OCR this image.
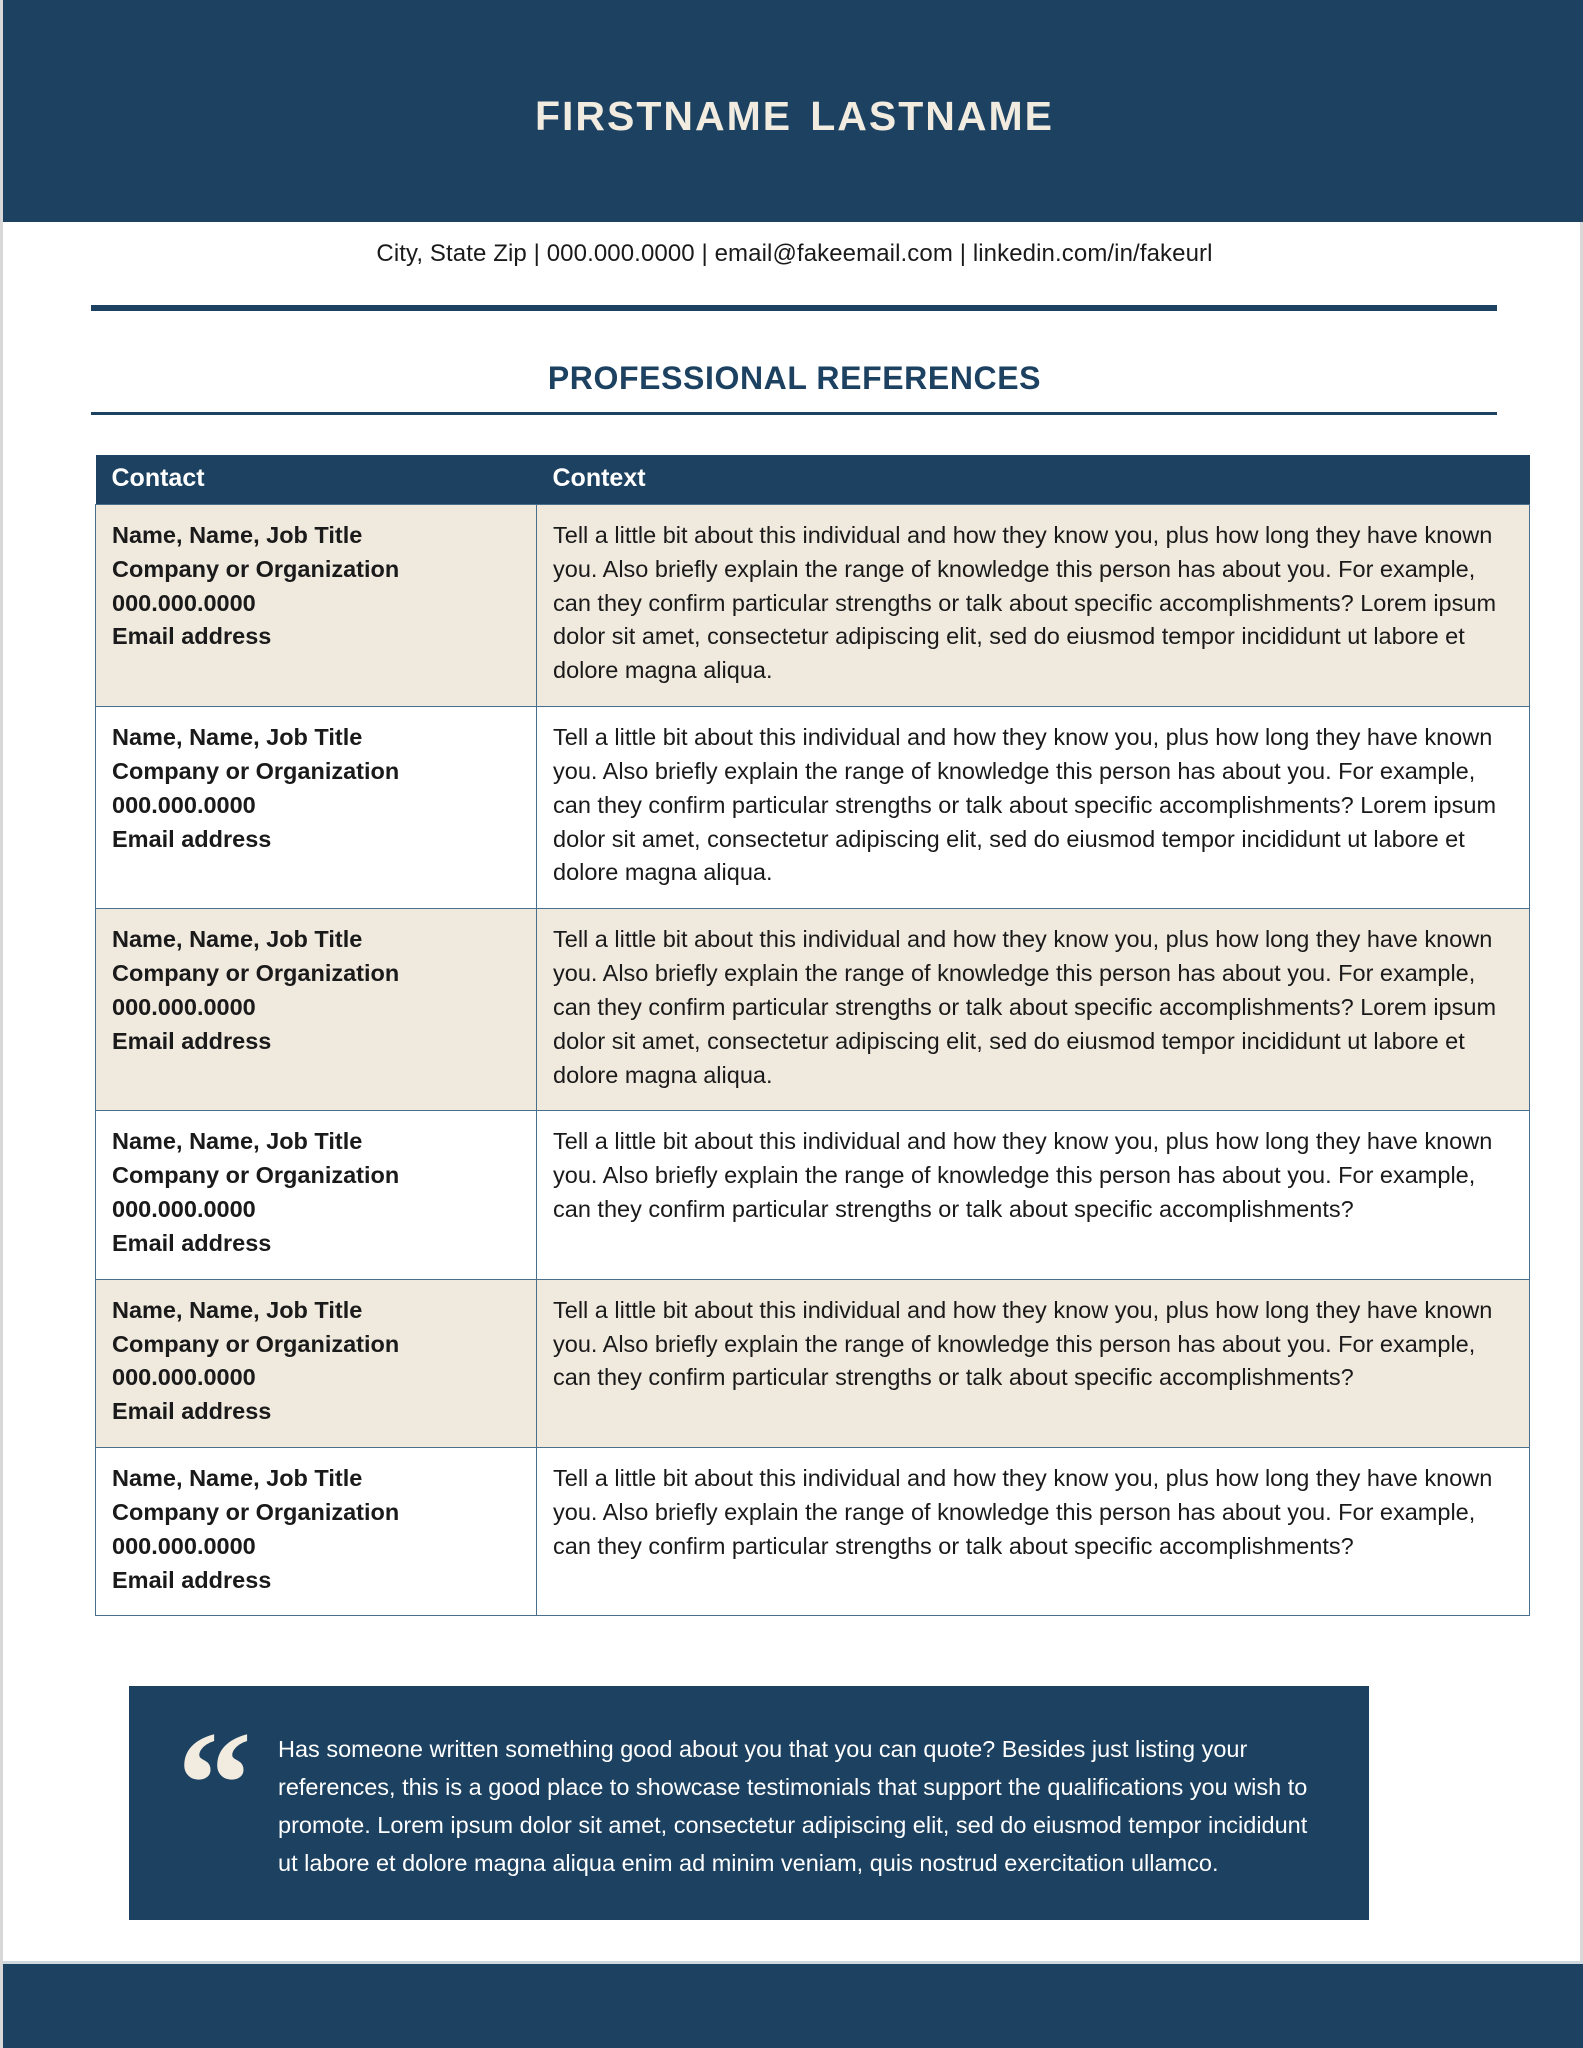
firstname lastname
City, State Zip | 000.000.0000 | email@fakeemail.com | linkedin.com/in/fakeurl
PROFESSIONAL REFERENCES
Contact	Context

Name, Name, Job Title
Company or Organization
000.000.0000
Email address
	Tell a little bit about this individual and how they know you, plus how long they have known you. Also briefly explain the range of knowledge this person has about you. For example, can they confirm particular strengths or talk about specific accomplishments? Lorem ipsum dolor sit amet, consectetur adipiscing elit, sed do eiusmod tempor incididunt ut labore et dolore magna aliqua.

Name, Name, Job Title
Company or Organization
000.000.0000
Email address
	Tell a little bit about this individual and how they know you, plus how long they have known you. Also briefly explain the range of knowledge this person has about you. For example, can they confirm particular strengths or talk about specific accomplishments? Lorem ipsum dolor sit amet, consectetur adipiscing elit, sed do eiusmod tempor incididunt ut labore et dolore magna aliqua.

Name, Name, Job Title
Company or Organization
000.000.0000
Email address
	Tell a little bit about this individual and how they know you, plus how long they have known you. Also briefly explain the range of knowledge this person has about you. For example, can they confirm particular strengths or talk about specific accomplishments? Lorem ipsum dolor sit amet, consectetur adipiscing elit, sed do eiusmod tempor incididunt ut labore et dolore magna aliqua.

Name, Name, Job Title
Company or Organization
000.000.0000
Email address
	Tell a little bit about this individual and how they know you, plus how long they have known you. Also briefly explain the range of knowledge this person has about you. For example, can they confirm particular strengths or talk about specific accomplishments?

Name, Name, Job Title
Company or Organization
000.000.0000
Email address
	Tell a little bit about this individual and how they know you, plus how long they have known you. Also briefly explain the range of knowledge this person has about you. For example, can they confirm particular strengths or talk about specific accomplishments?

Name, Name, Job Title
Company or Organization
000.000.0000
Email address
	Tell a little bit about this individual and how they know you, plus how long they have known you. Also briefly explain the range of knowledge this person has about you. For example, can they confirm particular strengths or talk about specific accomplishments?
“ Has someone written something good about you that you can quote? Besides just listing your references, this is a good place to showcase testimonials that support the qualifications you wish to promote. Lorem ipsum dolor sit amet, consectetur adipiscing elit, sed do eiusmod tempor incididunt ut labore et dolore magna aliqua enim ad minim veniam, quis nostrud exercitation ullamco.
